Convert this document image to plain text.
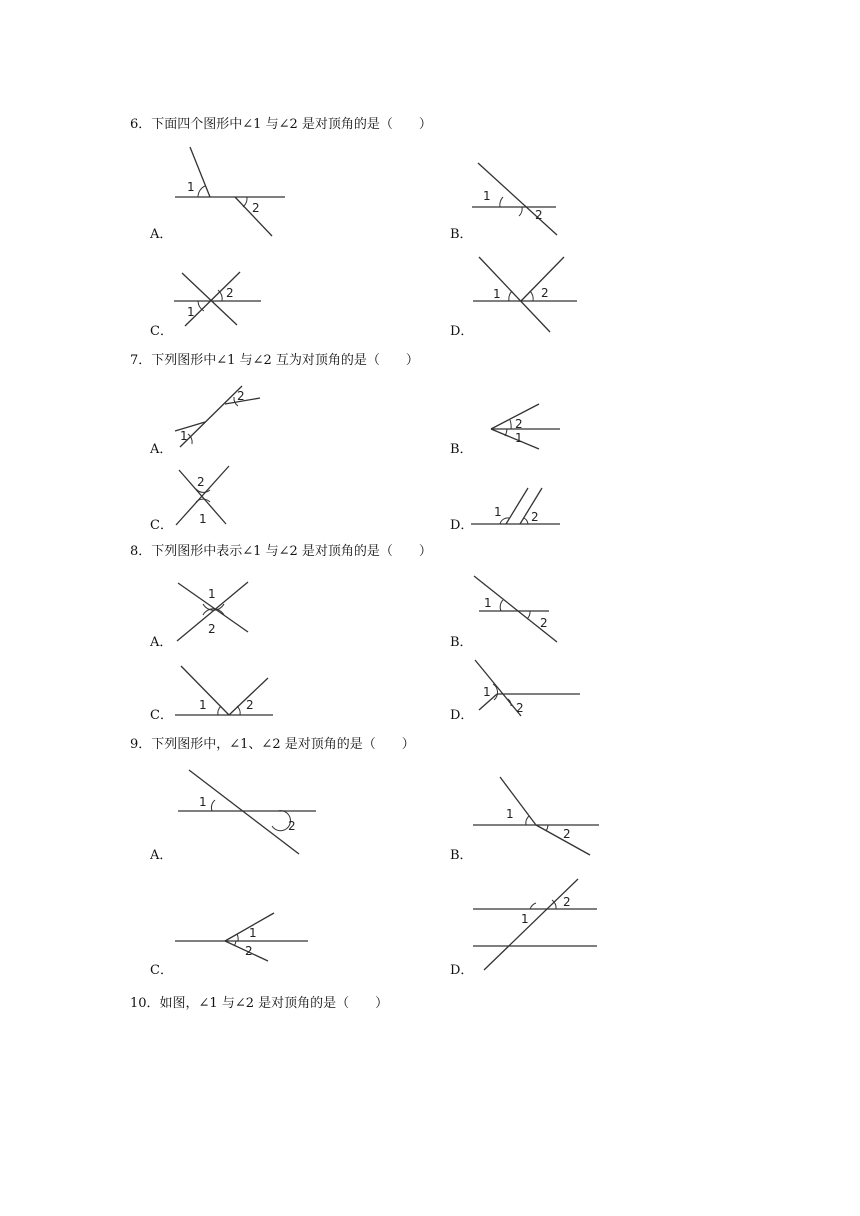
6．下面四个图形中∠1 与∠2 是对顶角的是（　　）
7．下列图形中∠1 与∠2 互为对顶角的是（　　）
8．下列图形中表示∠1 与∠2 是对顶角的是（　　）
9．下列图形中，∠1、∠2 是对顶角的是（　　）
10．如图，∠1 与∠2 是对顶角的是（　　）
A．	B．
C．	D．
A．	B．
C．	D．
A．	B．
C．	D．
A．	B．
C．	D．
1
2
1
2
1
2	1	2
1
2
2
1
2
1	1 2
1
2
1
2
1	2
1
2
1
2
1
2
1
2
1
2
